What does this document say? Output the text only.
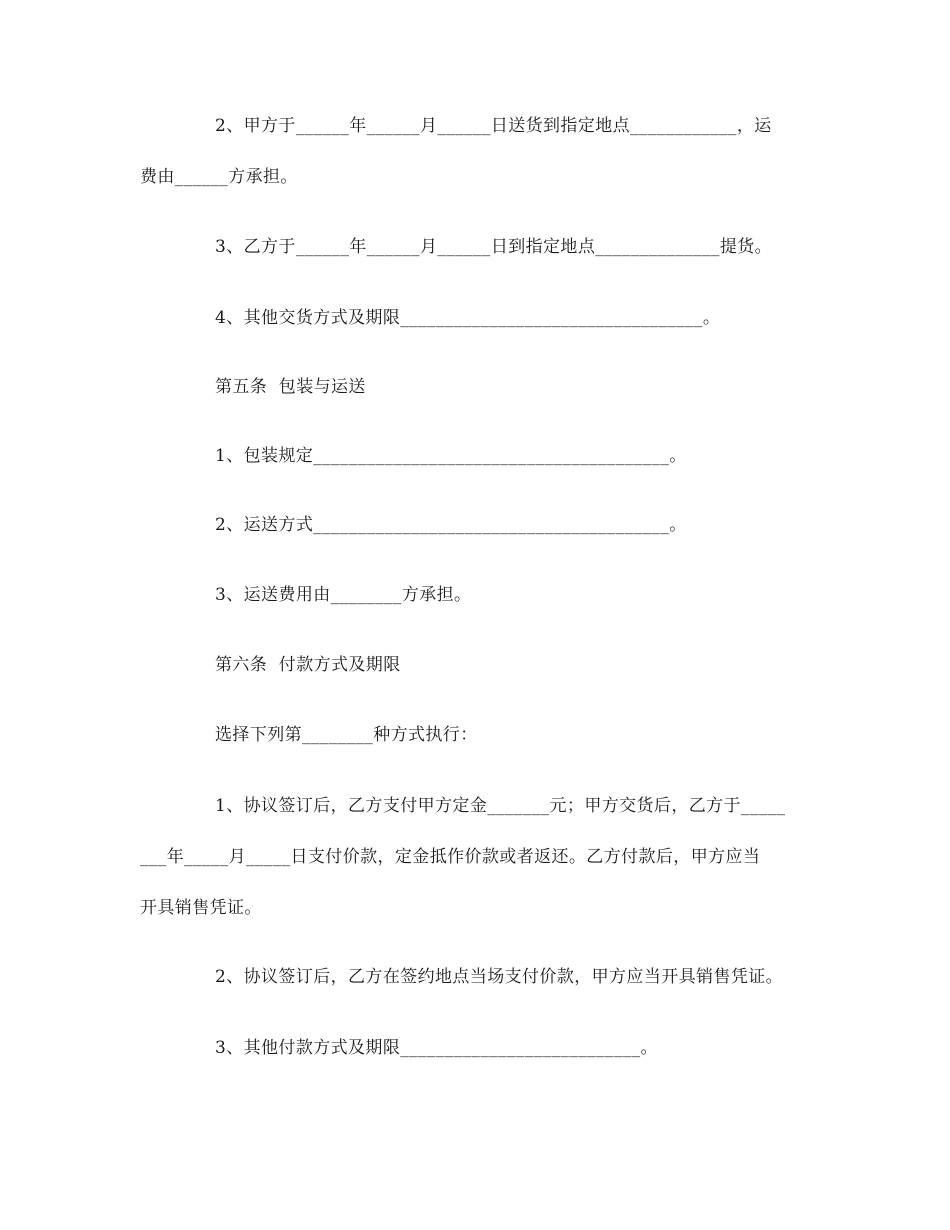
2、甲方于______年______月______日送货到指定地点____________，运
费由______方承担。
3、乙方于______年______月______日到指定地点______________提货。
4、其他交货方式及期限__________________________________。
第五条  包装与运送
1、包装规定________________________________________。
2、运送方式________________________________________。
3、运送费用由________方承担。
第六条  付款方式及期限
选择下列第________种方式执行：
1、协议签订后，乙方支付甲方定金_______元；甲方交货后，乙方于_____
___年_____月_____日支付价款，定金抵作价款或者返还。乙方付款后，甲方应当
开具销售凭证。
2、协议签订后，乙方在签约地点当场支付价款，甲方应当开具销售凭证。
3、其他付款方式及期限___________________________。
